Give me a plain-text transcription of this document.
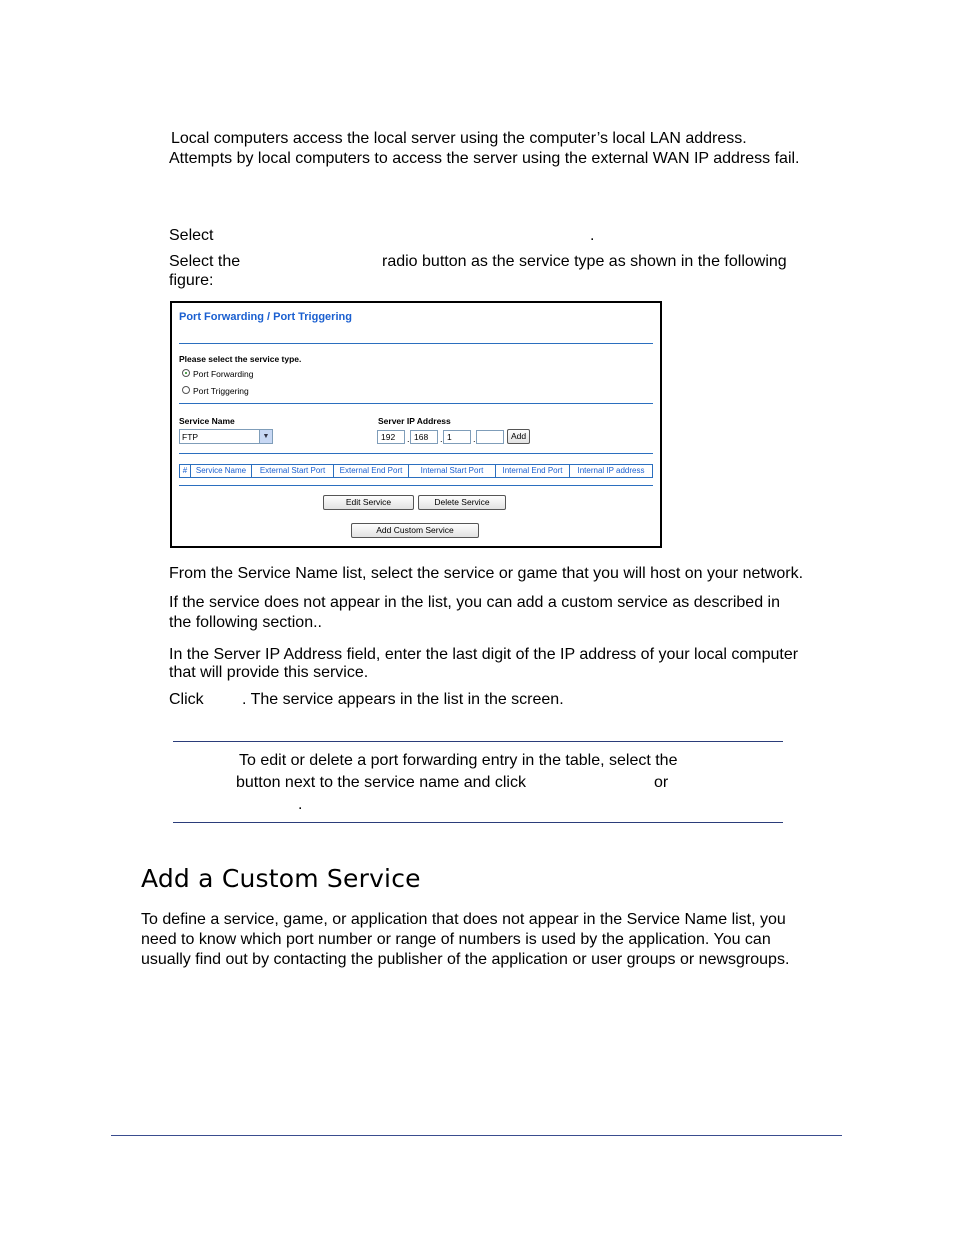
Local computers access the local server using the computer’s local LAN address.
Attempts by local computers to access the server using the external WAN IP address fail.
Select	.
Select the	radio button as the service type as shown in the following
figure:
Port Forwarding / Port Triggering
Please select the service type.
Port Forwarding
Port Triggering
Service Name
FTP	▼
Server IP Address
192	. 168	. 1	.	Add
#	Service Name	External Start Port	External End Port	Internal Start Port	Internal End Port	Internal IP address
Edit Service	Delete Service
Add Custom Service
From the Service Name list, select the service or game that you will host on your network.
If the service does not appear in the list, you can add a custom service as described in
the following section..
In the Server IP Address field, enter the last digit of the IP address of your local computer
that will provide this service.
Click . The service appears in the list in the screen.
To edit or delete a port forwarding entry in the table, select the
button next to the service name and click	or
.
Add a Custom Service
To define a service, game, or application that does not appear in the Service Name list, you
need to know which port number or range of numbers is used by the application. You can
usually find out by contacting the publisher of the application or user groups or newsgroups.
